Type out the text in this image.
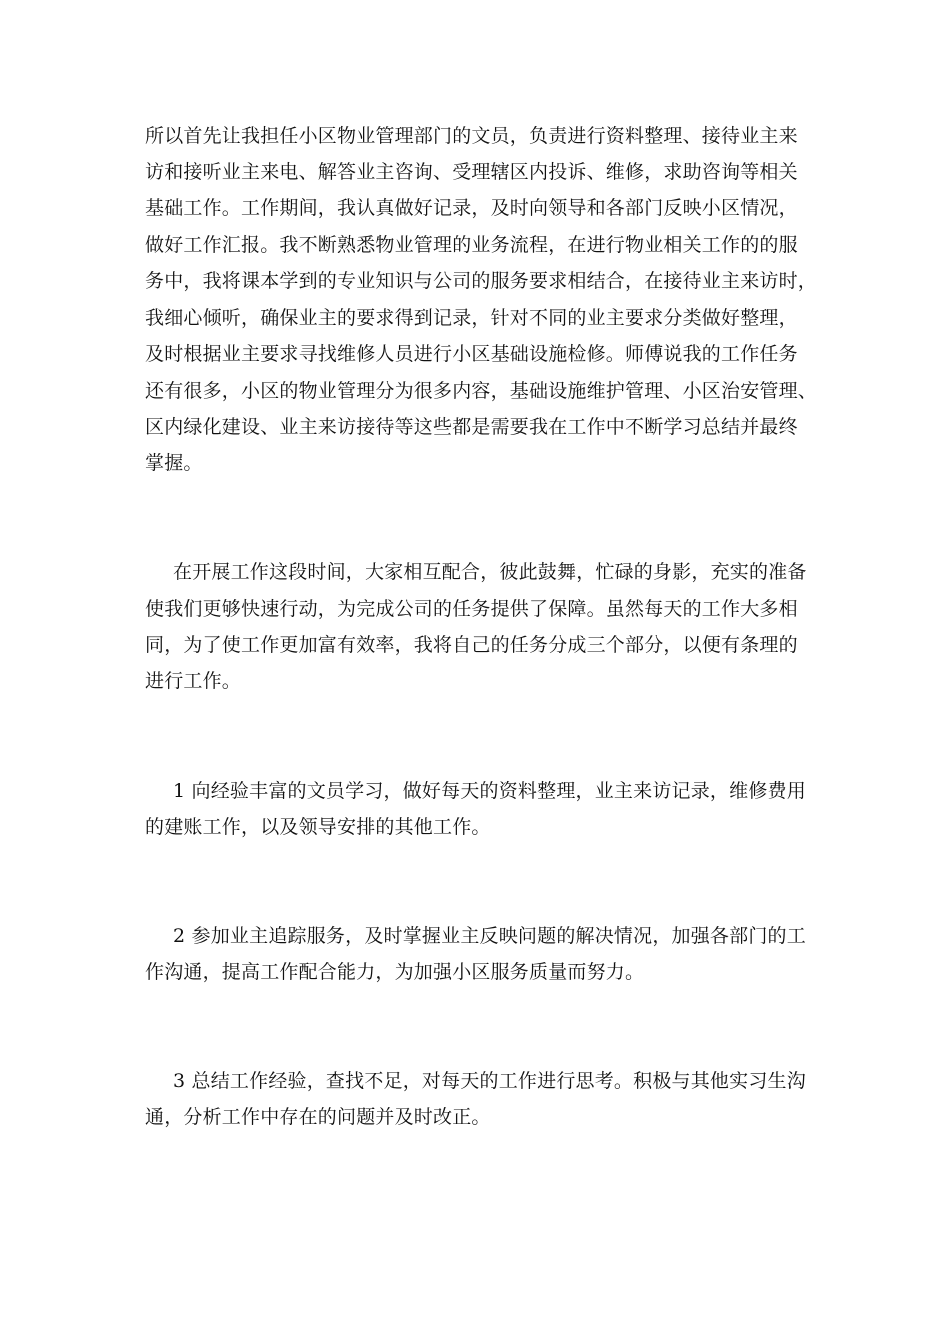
所以首先让我担任小区物业管理部门的文员，负责进行资料整理、接待业主来
访和接听业主来电、解答业主咨询、受理辖区内投诉、维修，求助咨询等相关
基础工作。工作期间，我认真做好记录，及时向领导和各部门反映小区情况，
做好工作汇报。我不断熟悉物业管理的业务流程，在进行物业相关工作的的服
务中，我将课本学到的专业知识与公司的服务要求相结合，在接待业主来访时，
我细心倾听，确保业主的要求得到记录，针对不同的业主要求分类做好整理，
及时根据业主要求寻找维修人员进行小区基础设施检修。师傅说我的工作任务
还有很多，小区的物业管理分为很多内容，基础设施维护管理、小区治安管理、
区内绿化建设、业主来访接待等这些都是需要我在工作中不断学习总结并最终
掌握。
在开展工作这段时间，大家相互配合，彼此鼓舞，忙碌的身影，充实的准备
使我们更够快速行动，为完成公司的任务提供了保障。虽然每天的工作大多相
同，为了使工作更加富有效率，我将自己的任务分成三个部分，以便有条理的
进行工作。
1 向经验丰富的文员学习，做好每天的资料整理，业主来访记录，维修费用
的建账工作，以及领导安排的其他工作。
2 参加业主追踪服务，及时掌握业主反映问题的解决情况，加强各部门的工
作沟通，提高工作配合能力，为加强小区服务质量而努力。
3 总结工作经验，查找不足，对每天的工作进行思考。积极与其他实习生沟
通，分析工作中存在的问题并及时改正。
